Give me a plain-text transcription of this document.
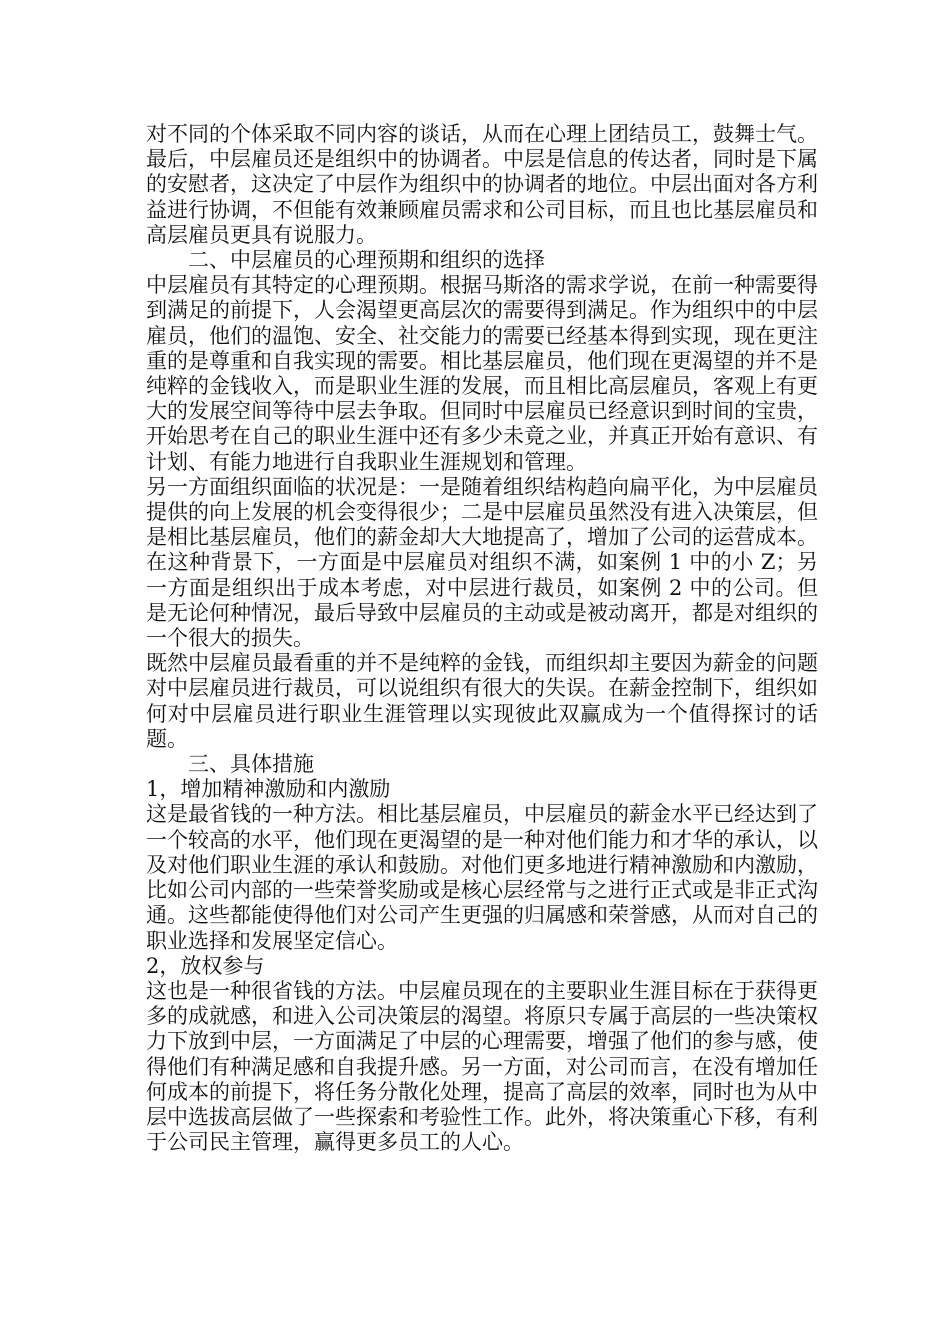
对不同的个体采取不同内容的谈话，从而在心理上团结员工，鼓舞士气。

最后，中层雇员还是组织中的协调者。中层是信息的传达者，同时是下属的安慰者，这决定了中层作为组织中的协调者的地位。中层出面对各方利益进行协调，不但能有效兼顾雇员需求和公司目标，而且也比基层雇员和高层雇员更具有说服力。

二、中层雇员的心理预期和组织的选择

中层雇员有其特定的心理预期。根据马斯洛的需求学说，在前一种需要得到满足的前提下，人会渴望更高层次的需要得到满足。作为组织中的中层雇员，他们的温饱、安全、社交能力的需要已经基本得到实现，现在更注重的是尊重和自我实现的需要。相比基层雇员，他们现在更渴望的并不是纯粹的金钱收入，而是职业生涯的发展，而且相比高层雇员，客观上有更大的发展空间等待中层去争取。但同时中层雇员已经意识到时间的宝贵，开始思考在自己的职业生涯中还有多少未竟之业，并真正开始有意识、有计划、有能力地进行自我职业生涯规划和管理。

另一方面组织面临的状况是：一是随着组织结构趋向扁平化，为中层雇员提供的向上发展的机会变得很少；二是中层雇员虽然没有进入决策层，但是相比基层雇员，他们的薪金却大大地提高了，增加了公司的运营成本。在这种背景下，一方面是中层雇员对组织不满，如案例 1 中的小 Z；另一方面是组织出于成本考虑，对中层进行裁员，如案例 2 中的公司。但是无论何种情况，最后导致中层雇员的主动或是被动离开，都是对组织的一个很大的损失。

既然中层雇员最看重的并不是纯粹的金钱，而组织却主要因为薪金的问题对中层雇员进行裁员，可以说组织有很大的失误。在薪金控制下，组织如何对中层雇员进行职业生涯管理以实现彼此双赢成为一个值得探讨的话题。

三、具体措施

1，增加精神激励和内激励

这是最省钱的一种方法。相比基层雇员，中层雇员的薪金水平已经达到了一个较高的水平，他们现在更渴望的是一种对他们能力和才华的承认，以及对他们职业生涯的承认和鼓励。对他们更多地进行精神激励和内激励，比如公司内部的一些荣誉奖励或是核心层经常与之进行正式或是非正式沟通。这些都能使得他们对公司产生更强的归属感和荣誉感，从而对自己的职业选择和发展坚定信心。

2，放权参与

这也是一种很省钱的方法。中层雇员现在的主要职业生涯目标在于获得更多的成就感，和进入公司决策层的渴望。将原只专属于高层的一些决策权力下放到中层，一方面满足了中层的心理需要，增强了他们的参与感，使得他们有种满足感和自我提升感。另一方面，对公司而言，在没有增加任何成本的前提下，将任务分散化处理，提高了高层的效率，同时也为从中层中选拔高层做了一些探索和考验性工作。此外，将决策重心下移，有利于公司民主管理，赢得更多员工的人心。
